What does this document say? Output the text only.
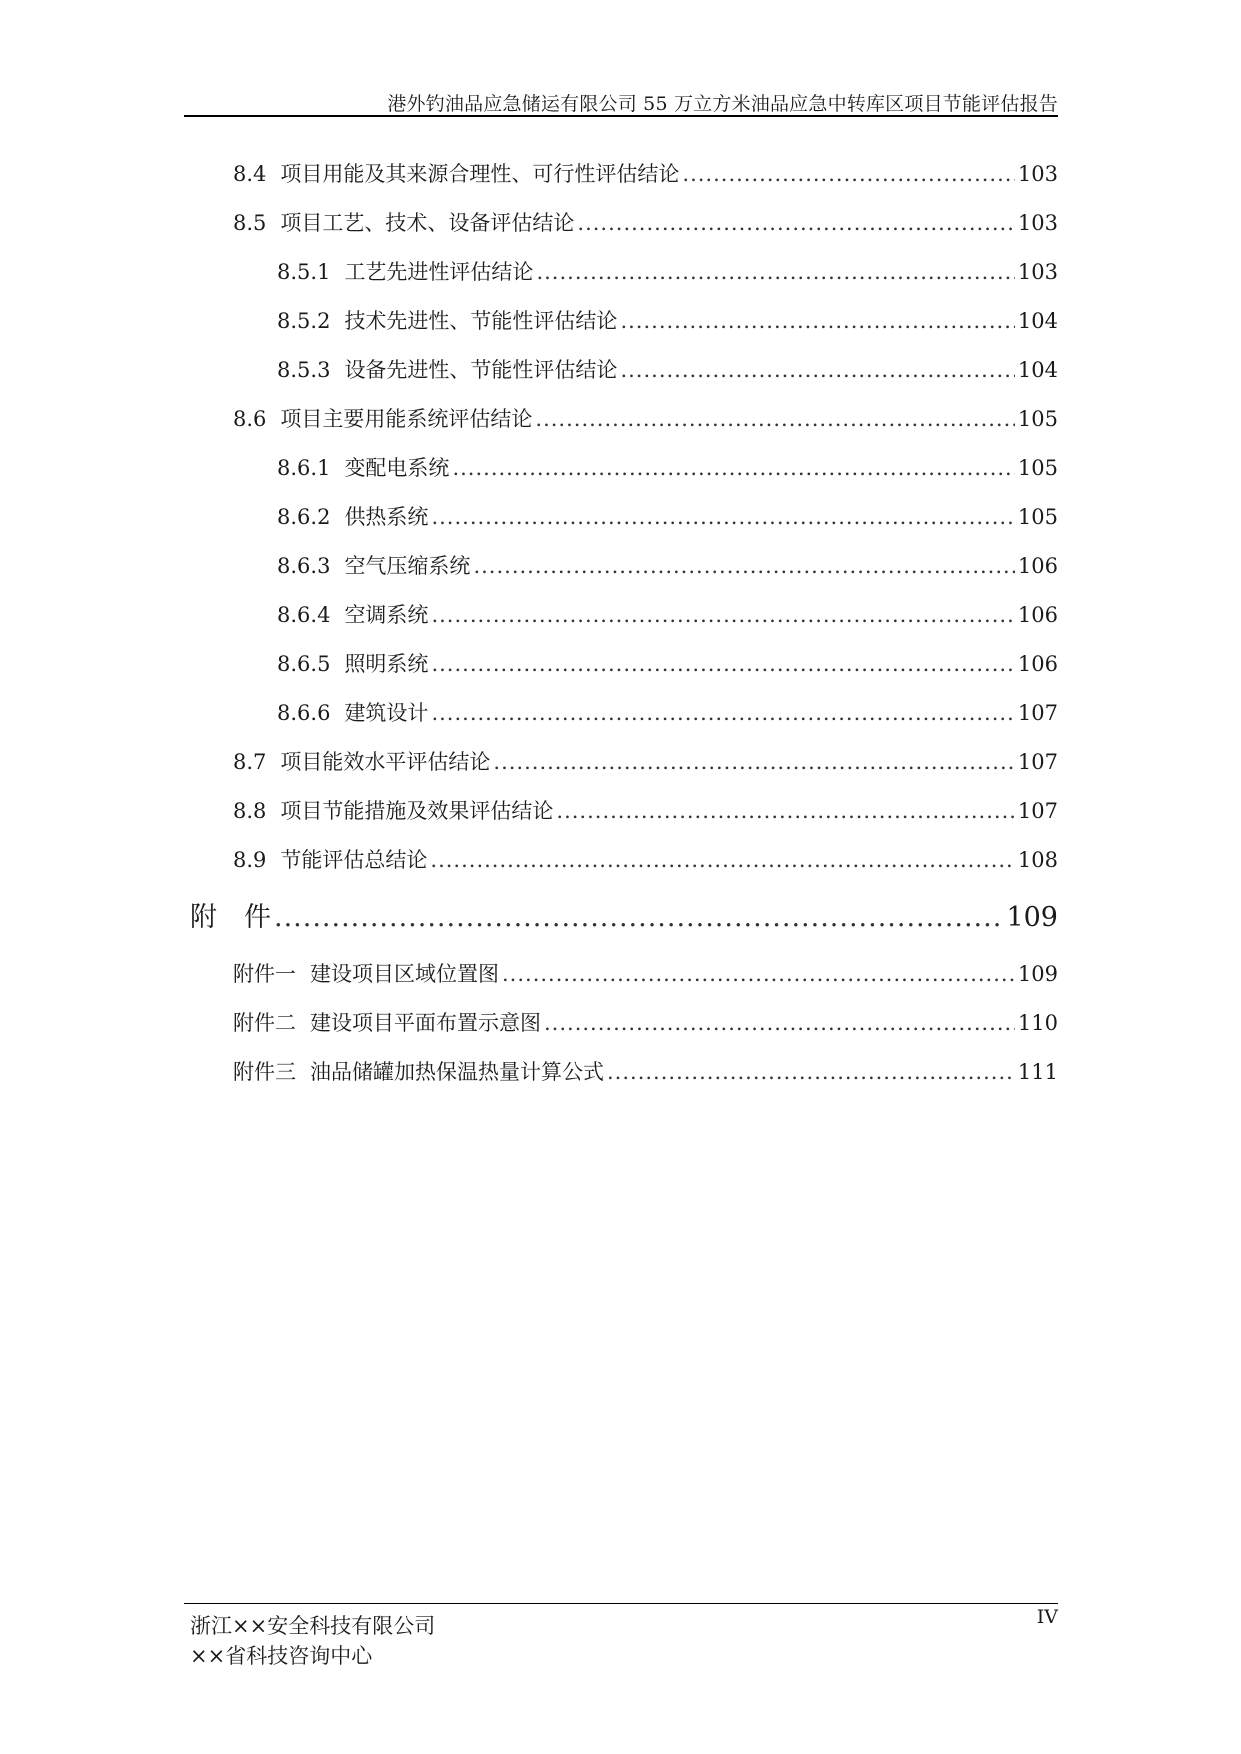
港外钓油品应急储运有限公司 55 万立方米油品应急中转库区项目节能评估报告
8.4 项目用能及其来源合理性、可行性评估结论 .....	103
8.5 项目工艺、技术、设备评估结论 .....	103
8.5.1 工艺先进性评估结论 .....	103
8.5.2 技术先进性、节能性评估结论 .....	104
8.5.3 设备先进性、节能性评估结论 .....	104
8.6 项目主要用能系统评估结论 .....	105
8.6.1 变配电系统 .....	105
8.6.2 供热系统 .....	105
8.6.3 空气压缩系统 .....	106
8.6.4 空调系统 .....	106
8.6.5 照明系统 .....	106
8.6.6 建筑设计 .....	107
8.7 项目能效水平评估结论 .....	107
8.8 项目节能措施及效果评估结论 .....	107
8.9 节能评估总结论 .....	108
附　件 .....	109
附件一 建设项目区域位置图 .....	109
附件二 建设项目平面布置示意图 .....	110
附件三 油品储罐加热保温热量计算公式 .....	111
浙江××安全科技有限公司
××省科技咨询中心
IV
